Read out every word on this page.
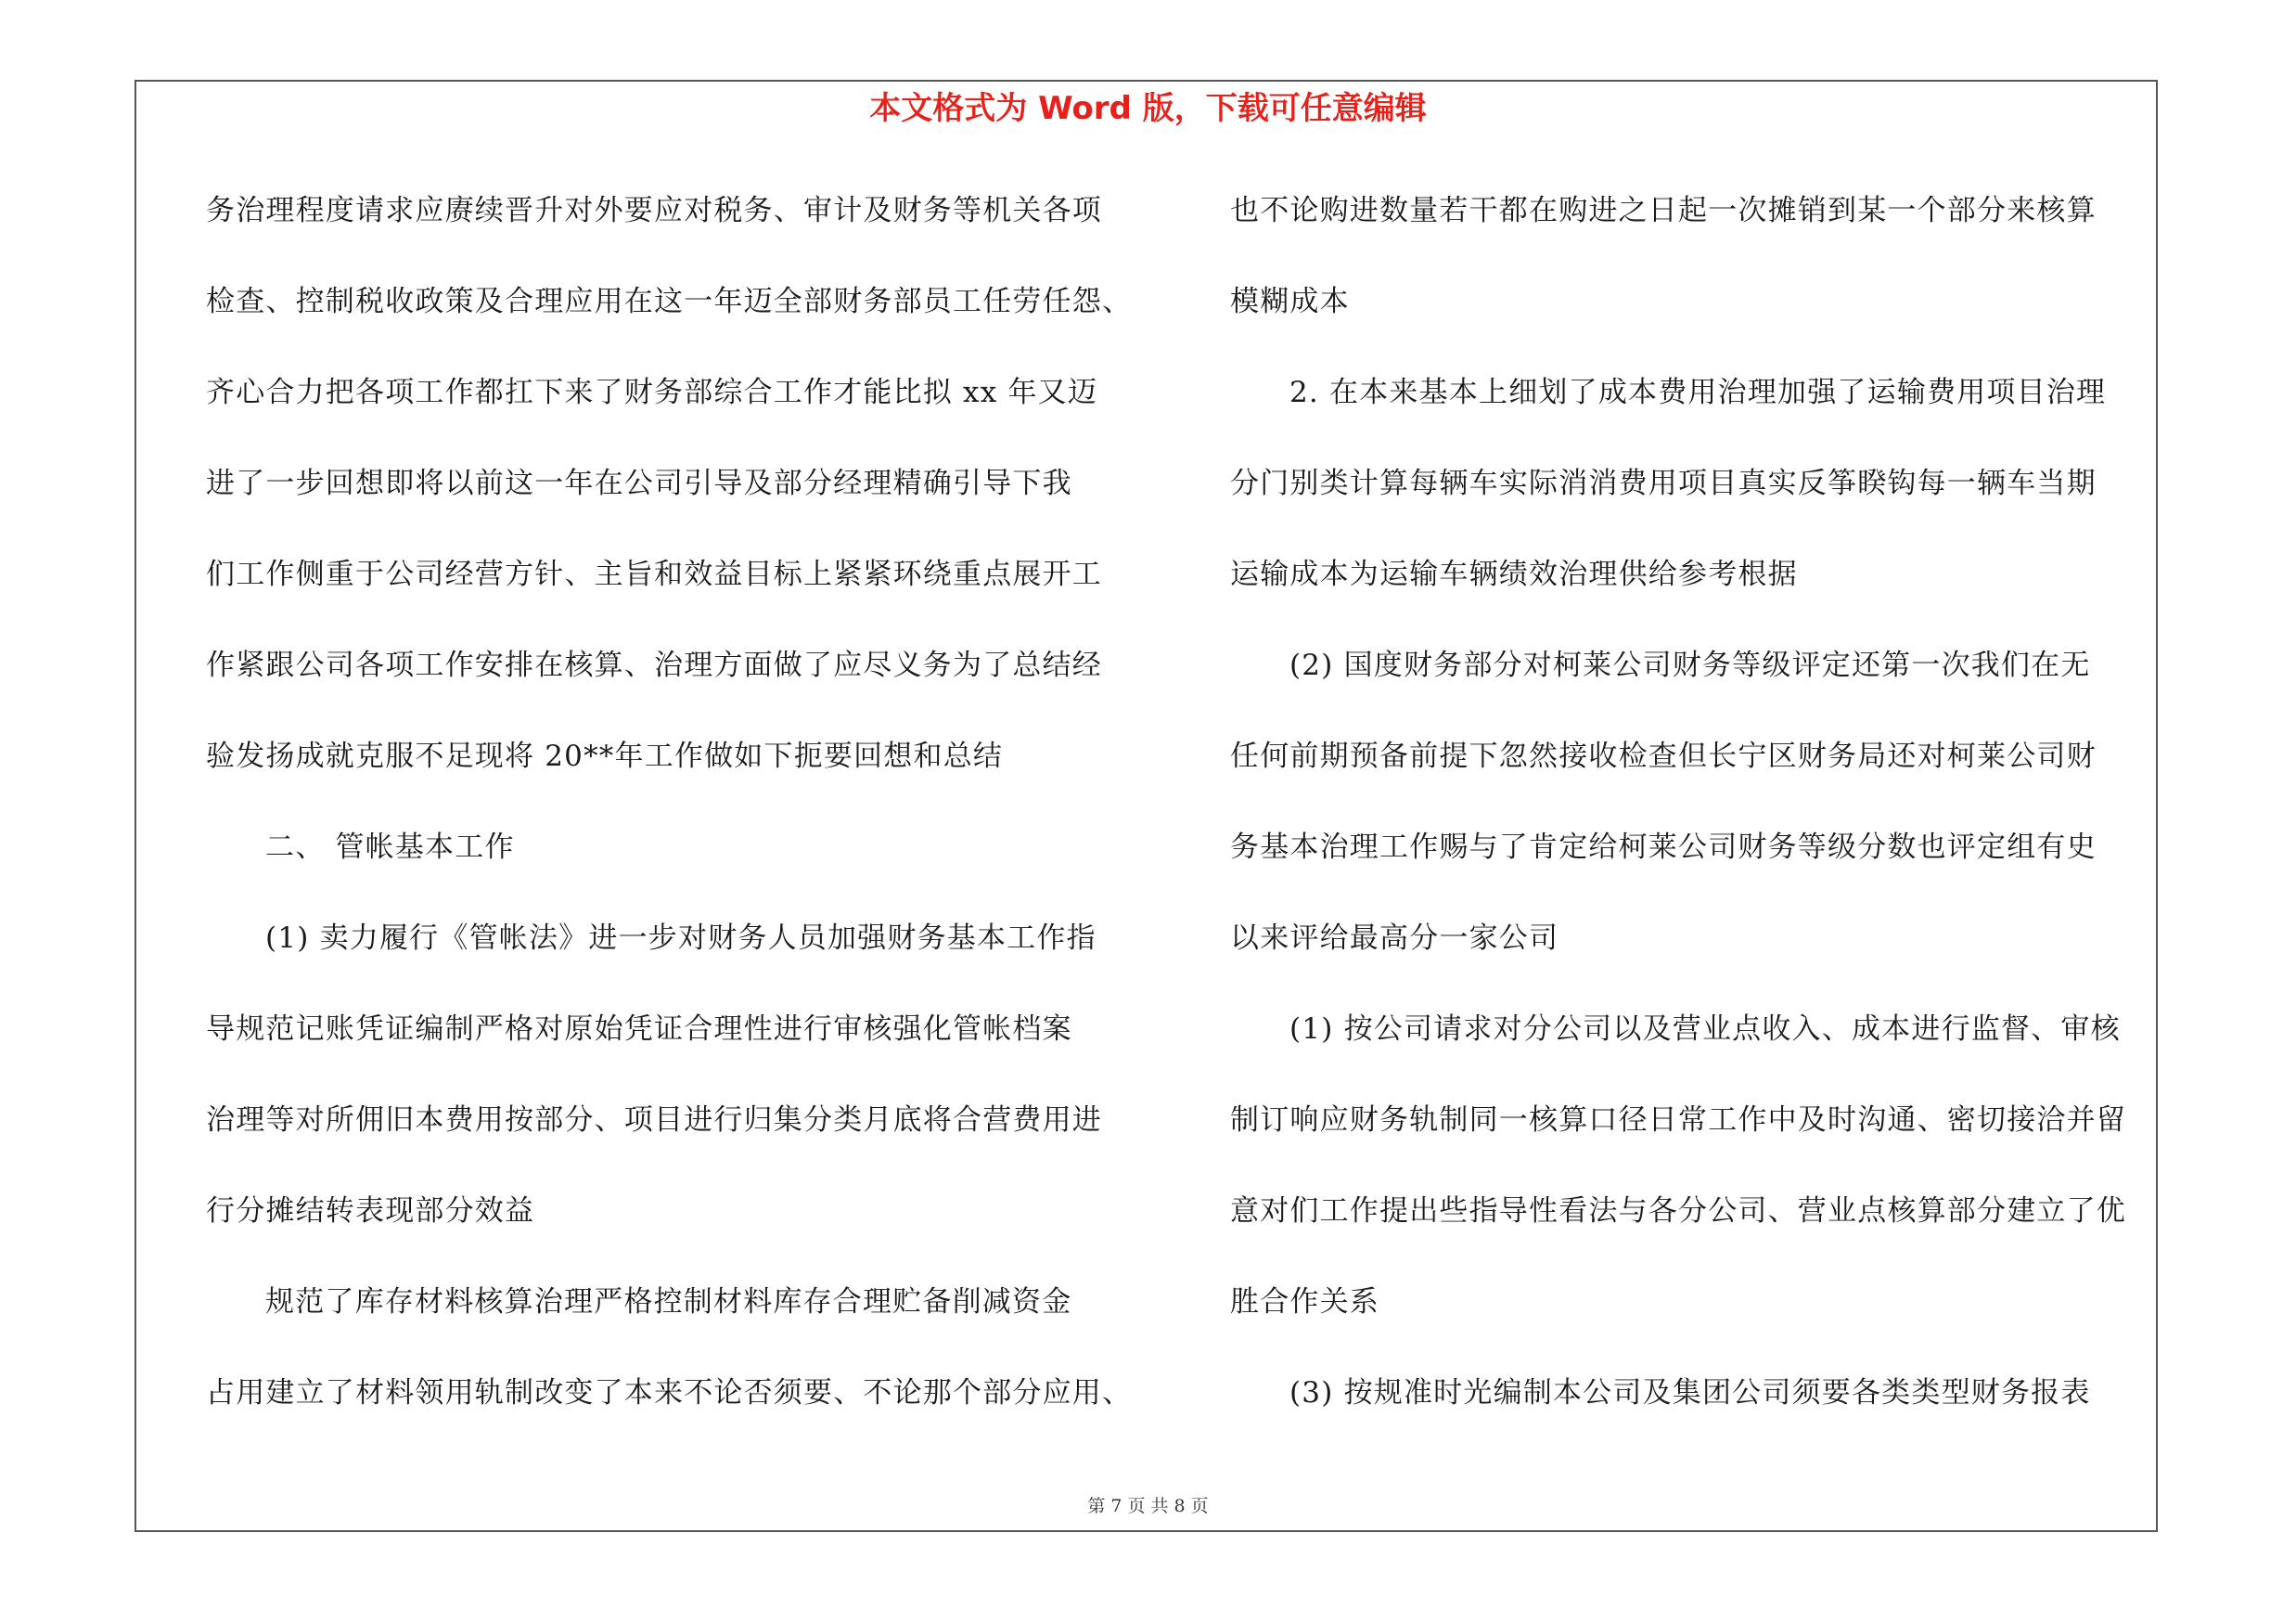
本文格式为 Word 版，下载可任意编辑
务治理程度请求应赓续晋升对外要应对税务、审计及财务等机关各项
检查、控制税收政策及合理应用在这一年迈全部财务部员工任劳任怨、
齐心合力把各项工作都扛下来了财务部综合工作才能比拟 xx 年又迈
进了一步回想即将以前这一年在公司引导及部分经理精确引导下我
们工作侧重于公司经营方针、主旨和效益目标上紧紧环绕重点展开工
作紧跟公司各项工作安排在核算、治理方面做了应尽义务为了总结经
验发扬成就克服不足现将 20**年工作做如下扼要回想和总结
二、 管帐基本工作
(1) 卖力履行《管帐法》进一步对财务人员加强财务基本工作指
导规范记账凭证编制严格对原始凭证合理性进行审核强化管帐档案
治理等对所佣旧本费用按部分、项目进行归集分类月底将合营费用进
行分摊结转表现部分效益
规范了库存材料核算治理严格控制材料库存合理贮备削减资金
占用建立了材料领用轨制改变了本来不论否须要、不论那个部分应用、
也不论购进数量若干都在购进之日起一次摊销到某一个部分来核算
模糊成本
2. 在本来基本上细划了成本费用治理加强了运输费用项目治理
分门别类计算每辆车实际消消费用项目真实反筝睽钩每一辆车当期
运输成本为运输车辆绩效治理供给参考根据
(2) 国度财务部分对柯莱公司财务等级评定还第一次我们在无
任何前期预备前提下忽然接收检查但长宁区财务局还对柯莱公司财
务基本治理工作赐与了肯定给柯莱公司财务等级分数也评定组有史
以来评给最高分一家公司
(1) 按公司请求对分公司以及营业点收入、成本进行监督、审核
制订响应财务轨制同一核算口径日常工作中及时沟通、密切接洽并留
意对们工作提出些指导性看法与各分公司、营业点核算部分建立了优
胜合作关系
(3) 按规准时光编制本公司及集团公司须要各类类型财务报表
第 7 页 共 8 页
